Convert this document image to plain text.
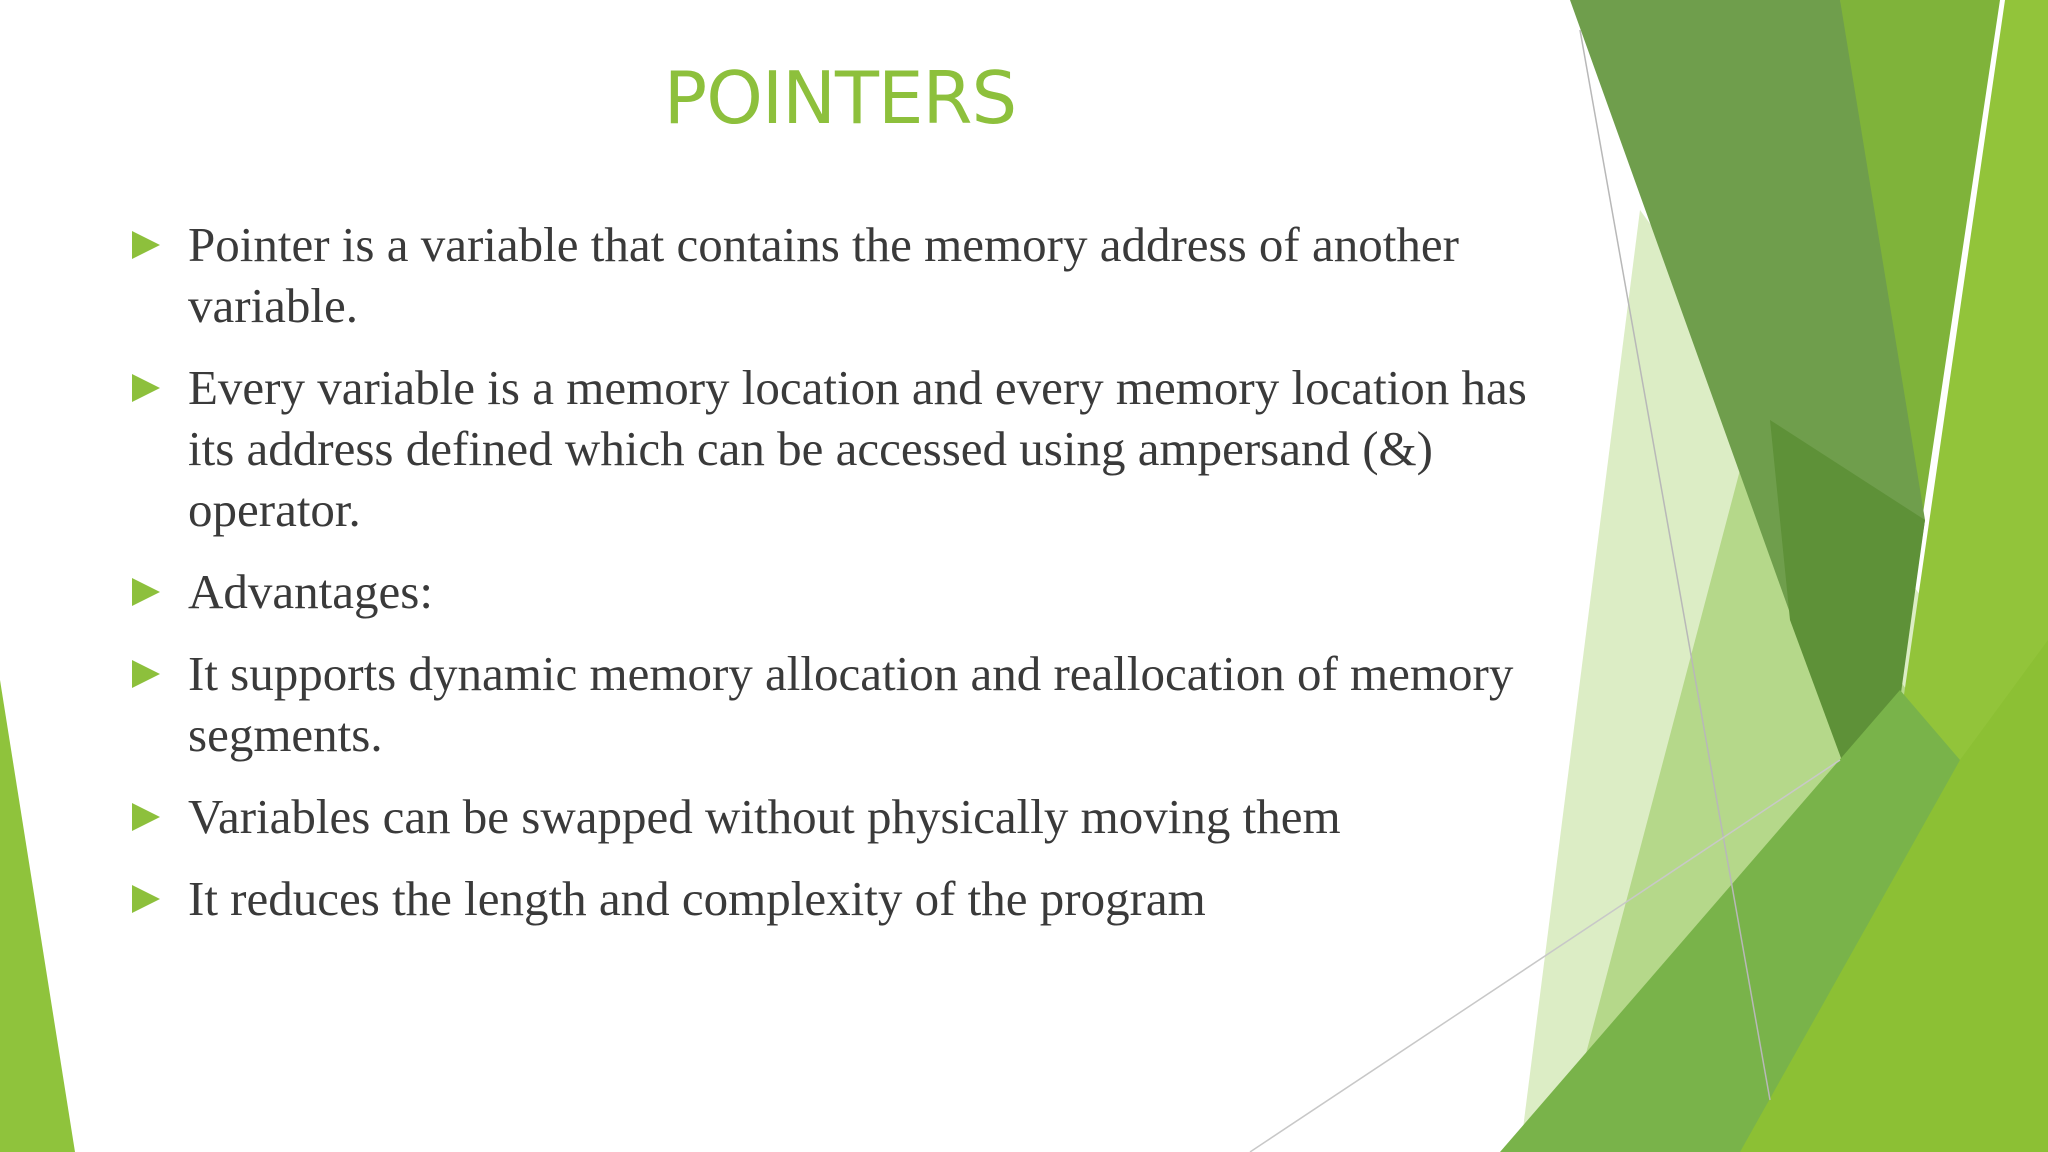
POINTERS
Pointer is a variable that contains the memory address of another variable.
Every variable is a memory location and every memory location has its address defined which can be accessed using ampersand (&) operator.
Advantages:
It supports dynamic memory allocation and reallocation of memory segments.
Variables can be swapped without physically moving them
It reduces the length and complexity of the program
